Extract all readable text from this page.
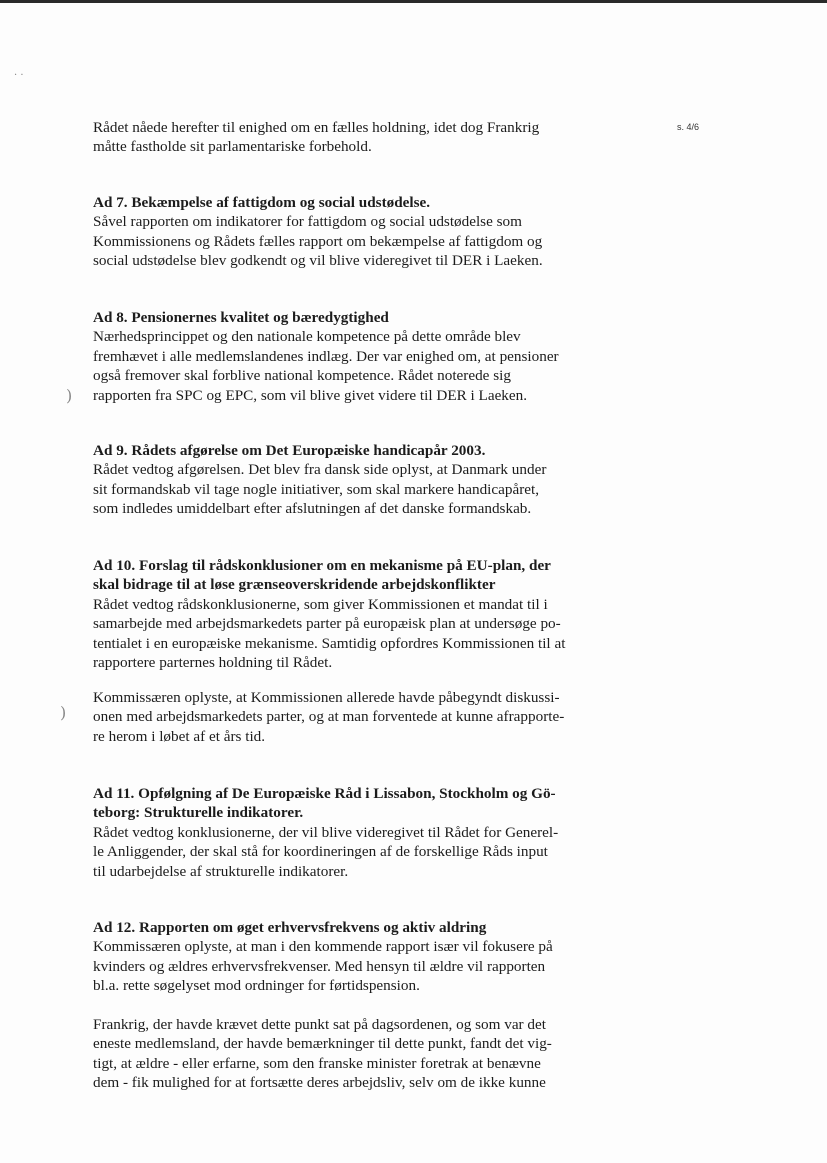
· ·
)
)
s. 4/6
Rådet nåede herefter til enighed om en fælles holdning, idet dog Frankrig
måtte fastholde sit parlamentariske forbehold.
Ad 7. Bekæmpelse af fattigdom og social udstødelse.
Såvel rapporten om indikatorer for fattigdom og social udstødelse som
Kommissionens og Rådets fælles rapport om bekæmpelse af fattigdom og
social udstødelse blev godkendt og vil blive videregivet til DER i Laeken.
Ad 8. Pensionernes kvalitet og bæredygtighed
Nærhedsprincippet og den nationale kompetence på dette område blev
fremhævet i alle medlemslandenes indlæg. Der var enighed om, at pensioner
også fremover skal forblive national kompetence. Rådet noterede sig
rapporten fra SPC og EPC, som vil blive givet videre til DER i Laeken.
Ad 9. Rådets afgørelse om Det Europæiske handicapår 2003.
Rådet vedtog afgørelsen. Det blev fra dansk side oplyst, at Danmark under
sit formandskab vil tage nogle initiativer, som skal markere handicapåret,
som indledes umiddelbart efter afslutningen af det danske formandskab.
Ad 10. Forslag til rådskonklusioner om en mekanisme på EU-plan, der
skal bidrage til at løse grænseoverskridende arbejdskonflikter
Rådet vedtog rådskonklusionerne, som giver Kommissionen et mandat til i
samarbejde med arbejdsmarkedets parter på europæisk plan at undersøge po-
tentialet i en europæiske mekanisme. Samtidig opfordres Kommissionen til at
rapportere parternes holdning til Rådet.
Kommissæren oplyste, at Kommissionen allerede havde påbegyndt diskussi-
onen med arbejdsmarkedets parter, og at man forventede at kunne afrapporte-
re herom i løbet af et års tid.
Ad 11. Opfølgning af De Europæiske Råd i Lissabon, Stockholm og Gö-
teborg: Strukturelle indikatorer.
Rådet vedtog konklusionerne, der vil blive videregivet til Rådet for Generel-
le Anliggender, der skal stå for koordineringen af de forskellige Råds input
til udarbejdelse af strukturelle indikatorer.
Ad 12. Rapporten om øget erhvervsfrekvens og aktiv aldring
Kommissæren oplyste, at man i den kommende rapport især vil fokusere på
kvinders og ældres erhvervsfrekvenser. Med hensyn til ældre vil rapporten
bl.a. rette søgelyset mod ordninger for førtidspension.
Frankrig, der havde krævet dette punkt sat på dagsordenen, og som var det
eneste medlemsland, der havde bemærkninger til dette punkt, fandt det vig-
tigt, at ældre - eller erfarne, som den franske minister foretrak at benævne
dem - fik mulighed for at fortsætte deres arbejdsliv, selv om de ikke kunne
